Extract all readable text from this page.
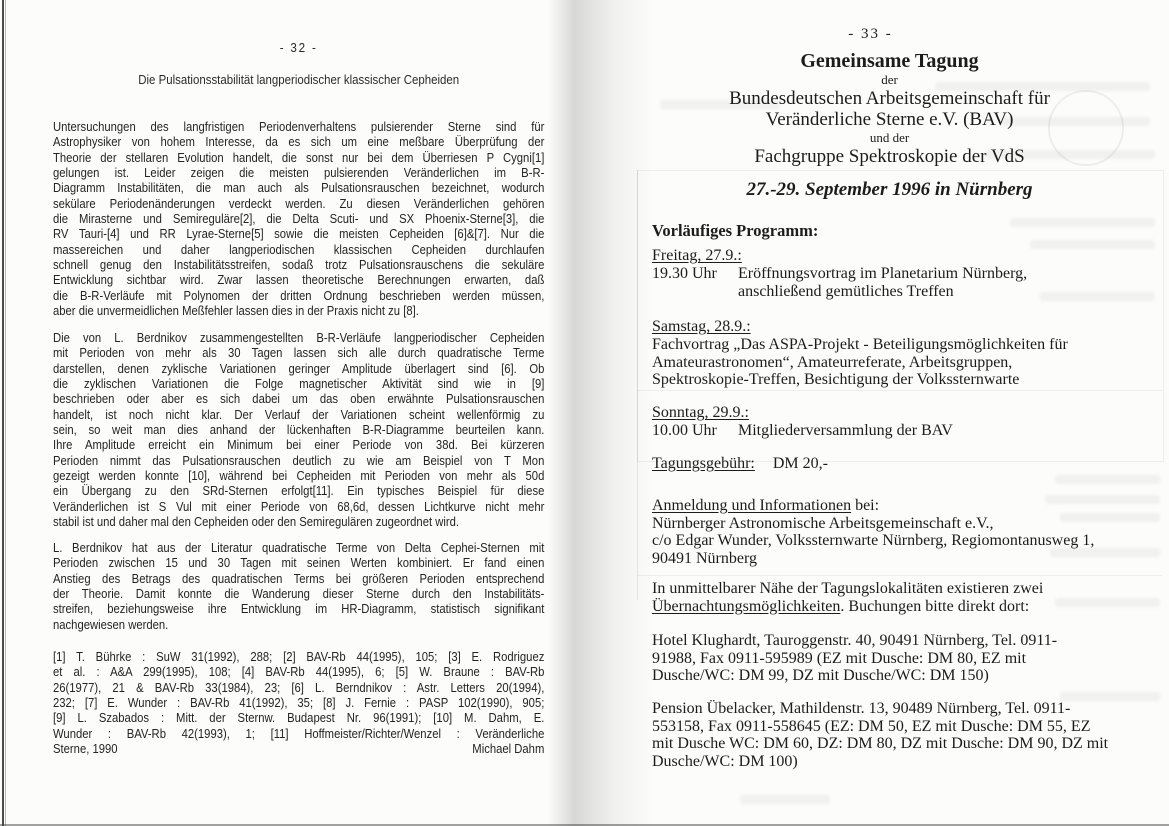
- 32 -
Die Pulsationsstabilität langperiodischer klassischer Cepheiden
Untersuchungen des langfristigen Periodenverhaltens pulsierender Sterne sind für
Astrophysiker von hohem Interesse, da es sich um eine meßbare Überprüfung der
Theorie der stellaren Evolution handelt, die sonst nur bei dem Überriesen P Cygni[1]
gelungen ist. Leider zeigen die meisten pulsierenden Veränderlichen im B-R-
Diagramm Instabilitäten, die man auch als Pulsationsrauschen bezeichnet, wodurch
sekülare Periodenänderungen verdeckt werden. Zu diesen Veränderlichen gehören
die Mirasterne und Semireguläre[2], die Delta Scuti- und SX Phoenix-Sterne[3], die
RV Tauri-[4] und RR Lyrae-Sterne[5] sowie die meisten Cepheiden [6]&[7]. Nur die
massereichen und daher langperiodischen klassischen Cepheiden durchlaufen
schnell genug den Instabilitätsstreifen, sodaß trotz Pulsationsrauschens die sekuläre
Entwicklung sichtbar wird. Zwar lassen theoretische Berechnungen erwarten, daß
die B-R-Verläufe mit Polynomen der dritten Ordnung beschrieben werden müssen,
aber die unvermeidlichen Meßfehler lassen dies in der Praxis nicht zu [8].
Die von L. Berdnikov zusammengestellten B-R-Verläufe langperiodischer Cepheiden
mit Perioden von mehr als 30 Tagen lassen sich alle durch quadratische Terme
darstellen, denen zyklische Variationen geringer Amplitude überlagert sind [6]. Ob
die zyklischen Variationen die Folge magnetischer Aktivität sind wie in [9]
beschrieben oder aber es sich dabei um das oben erwähnte Pulsationsrauschen
handelt, ist noch nicht klar. Der Verlauf der Variationen scheint wellenförmig zu
sein, so weit man dies anhand der lückenhaften B-R-Diagramme beurteilen kann.
Ihre Amplitude erreicht ein Minimum bei einer Periode von 38d. Bei kürzeren
Perioden nimmt das Pulsationsrauschen deutlich zu wie am Beispiel von T Mon
gezeigt werden konnte [10], während bei Cepheiden mit Perioden von mehr als 50d
ein Übergang zu den SRd-Sternen erfolgt[11]. Ein typisches Beispiel für diese
Veränderlichen ist S Vul mit einer Periode von 68,6d, dessen Lichtkurve nicht mehr
stabil ist und daher mal den Cepheiden oder den Semiregulären zugeordnet wird.
L. Berdnikov hat aus der Literatur quadratische Terme von Delta Cephei-Sternen mit
Perioden zwischen 15 und 30 Tagen mit seinen Werten kombiniert. Er fand einen
Anstieg des Betrags des quadratischen Terms bei größeren Perioden entsprechend
der Theorie. Damit konnte die Wanderung dieser Sterne durch den Instabilitäts-
streifen, beziehungsweise ihre Entwicklung im HR-Diagramm, statistisch signifikant
nachgewiesen werden.
[1] T. Bührke : SuW 31(1992), 288; [2] BAV-Rb 44(1995), 105; [3] E. Rodriguez
et al. : A&A 299(1995), 108; [4] BAV-Rb 44(1995), 6; [5] W. Braune : BAV-Rb
26(1977), 21 & BAV-Rb 33(1984), 23; [6] L. Berndnikov : Astr. Letters 20(1994),
232; [7] E. Wunder : BAV-Rb 41(1992), 35; [8] J. Fernie : PASP 102(1990), 905;
[9] L. Szabados : Mitt. der Sternw. Budapest Nr. 96(1991); [10] M. Dahm, E.
Wunder : BAV-Rb 42(1993), 1; [11] Hoffmeister/Richter/Wenzel : Veränderliche
Sterne, 1990	Michael Dahm
- 33 -
Gemeinsame Tagung
der
Bundesdeutschen Arbeitsgemeinschaft für
Veränderliche Sterne e.V. (BAV)
und der
Fachgruppe Spektroskopie der VdS
27.-29. September 1996 in Nürnberg
Vorläufiges Programm:
Freitag, 27.9.:
19.30 Uhr	Eröffnungsvortrag im Planetarium Nürnberg,
anschließend gemütliches Treffen
Samstag, 28.9.:
Fachvortrag „Das ASPA-Projekt - Beteiligungsmöglichkeiten für
Amateurastronomen“, Amateurreferate, Arbeitsgruppen,
Spektroskopie-Treffen, Besichtigung der Volkssternwarte
Sonntag, 29.9.:
10.00 Uhr	Mitgliederversammlung der BAV
Tagungsgebühr: DM 20,-
Anmeldung und Informationen bei:
Nürnberger Astronomische Arbeitsgemeinschaft e.V.,
c/o Edgar Wunder, Volkssternwarte Nürnberg, Regiomontanusweg 1,
90491 Nürnberg
In unmittelbarer Nähe der Tagungslokalitäten existieren zwei
Übernachtungsmöglichkeiten. Buchungen bitte direkt dort:
Hotel Klughardt, Tauroggenstr. 40, 90491 Nürnberg, Tel. 0911-
91988, Fax 0911-595989 (EZ mit Dusche: DM 80, EZ mit
Dusche/WC: DM 99, DZ mit Dusche/WC: DM 150)
Pension Übelacker, Mathildenstr. 13, 90489 Nürnberg, Tel. 0911-
553158, Fax 0911-558645 (EZ: DM 50, EZ mit Dusche: DM 55, EZ
mit Dusche WC: DM 60, DZ: DM 80, DZ mit Dusche: DM 90, DZ mit
Dusche/WC: DM 100)
